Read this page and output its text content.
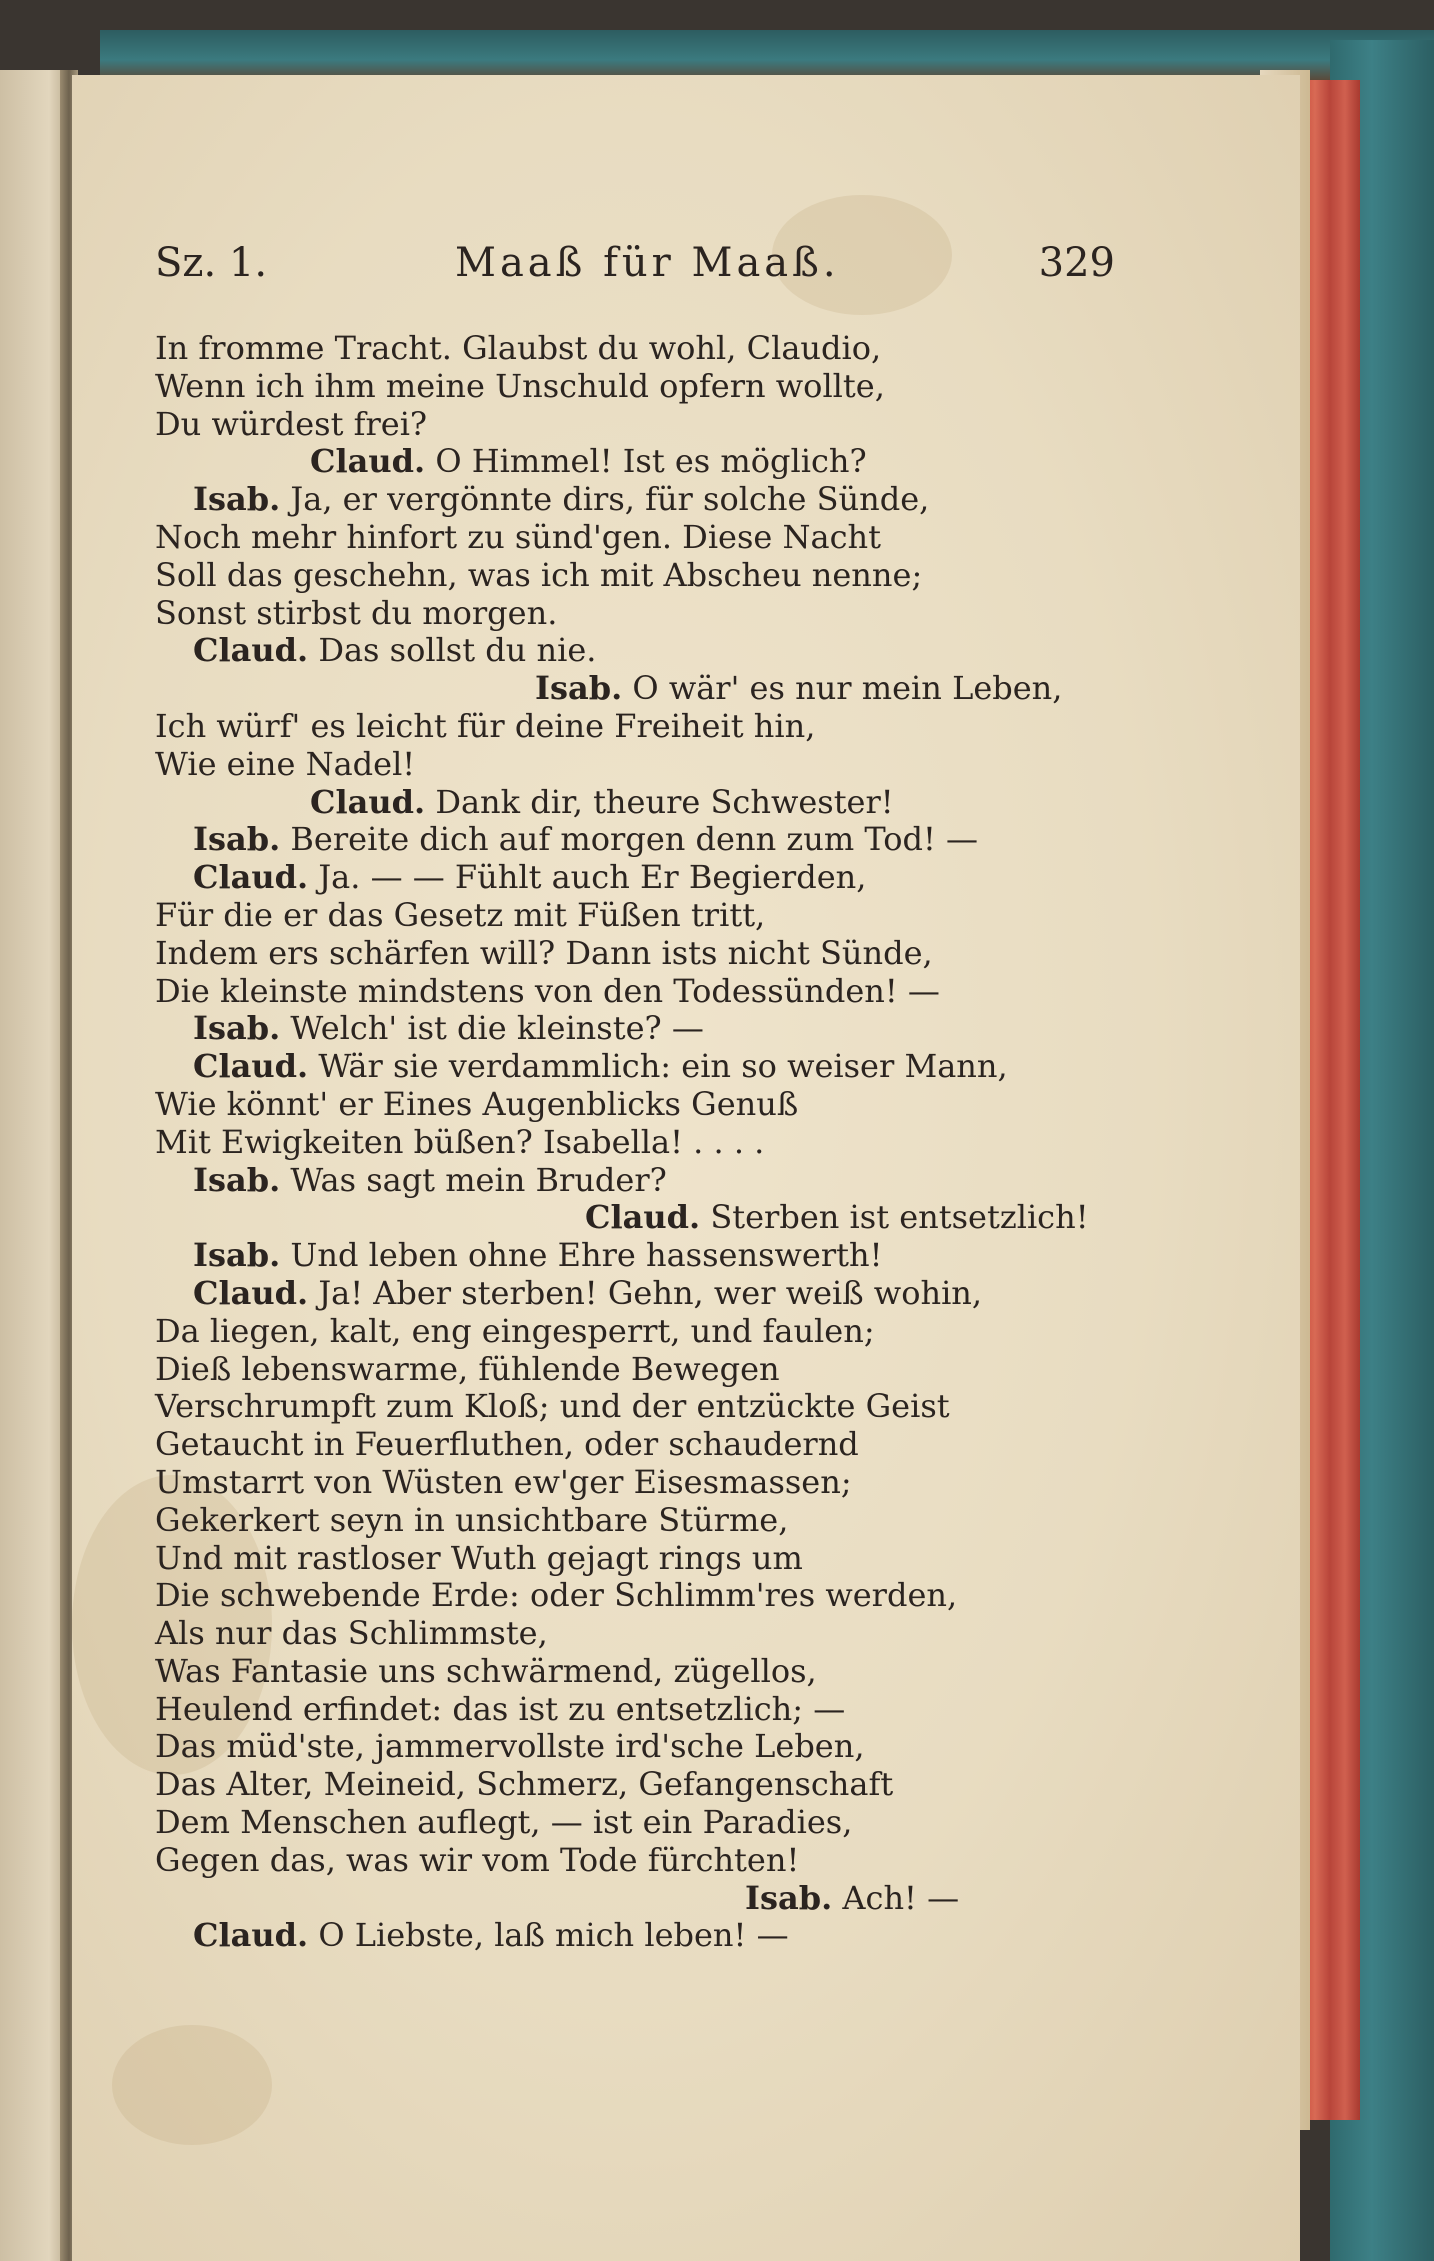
Sz. 1.	Maaß für Maaß.	329
In fromme Tracht. Glaubst du wohl, Claudio,
Wenn ich ihm meine Unschuld opfern wollte,
Du würdest frei?
Claud. O Himmel! Ist es möglich?
Isab. Ja, er vergönnte dirs, für solche Sünde,
Noch mehr hinfort zu sünd'gen. Diese Nacht
Soll das geschehn, was ich mit Abscheu nenne;
Sonst stirbst du morgen.
Claud. Das sollst du nie.
Isab. O wär' es nur mein Leben,
Ich würf' es leicht für deine Freiheit hin,
Wie eine Nadel!
Claud. Dank dir, theure Schwester!
Isab. Bereite dich auf morgen denn zum Tod! —
Claud. Ja. — — Fühlt auch Er Begierden,
Für die er das Gesetz mit Füßen tritt,
Indem ers schärfen will? Dann ists nicht Sünde,
Die kleinste mindstens von den Todessünden! —
Isab. Welch' ist die kleinste? —
Claud. Wär sie verdammlich: ein so weiser Mann,
Wie könnt' er Eines Augenblicks Genuß
Mit Ewigkeiten büßen? Isabella! . . . .
Isab. Was sagt mein Bruder?
Claud. Sterben ist entsetzlich!
Isab. Und leben ohne Ehre hassenswerth!
Claud. Ja! Aber sterben! Gehn, wer weiß wohin,
Da liegen, kalt, eng eingesperrt, und faulen;
Dieß lebenswarme, fühlende Bewegen
Verschrumpft zum Kloß; und der entzückte Geist
Getaucht in Feuerfluthen, oder schaudernd
Umstarrt von Wüsten ew'ger Eisesmassen;
Gekerkert seyn in unsichtbare Stürme,
Und mit rastloser Wuth gejagt rings um
Die schwebende Erde: oder Schlimm'res werden,
Als nur das Schlimmste,
Was Fantasie uns schwärmend, zügellos,
Heulend erfindet: das ist zu entsetzlich; —
Das müd'ste, jammervollste ird'sche Leben,
Das Alter, Meineid, Schmerz, Gefangenschaft
Dem Menschen auflegt, — ist ein Paradies,
Gegen das, was wir vom Tode fürchten!
Isab. Ach! —
Claud. O Liebste, laß mich leben! —
